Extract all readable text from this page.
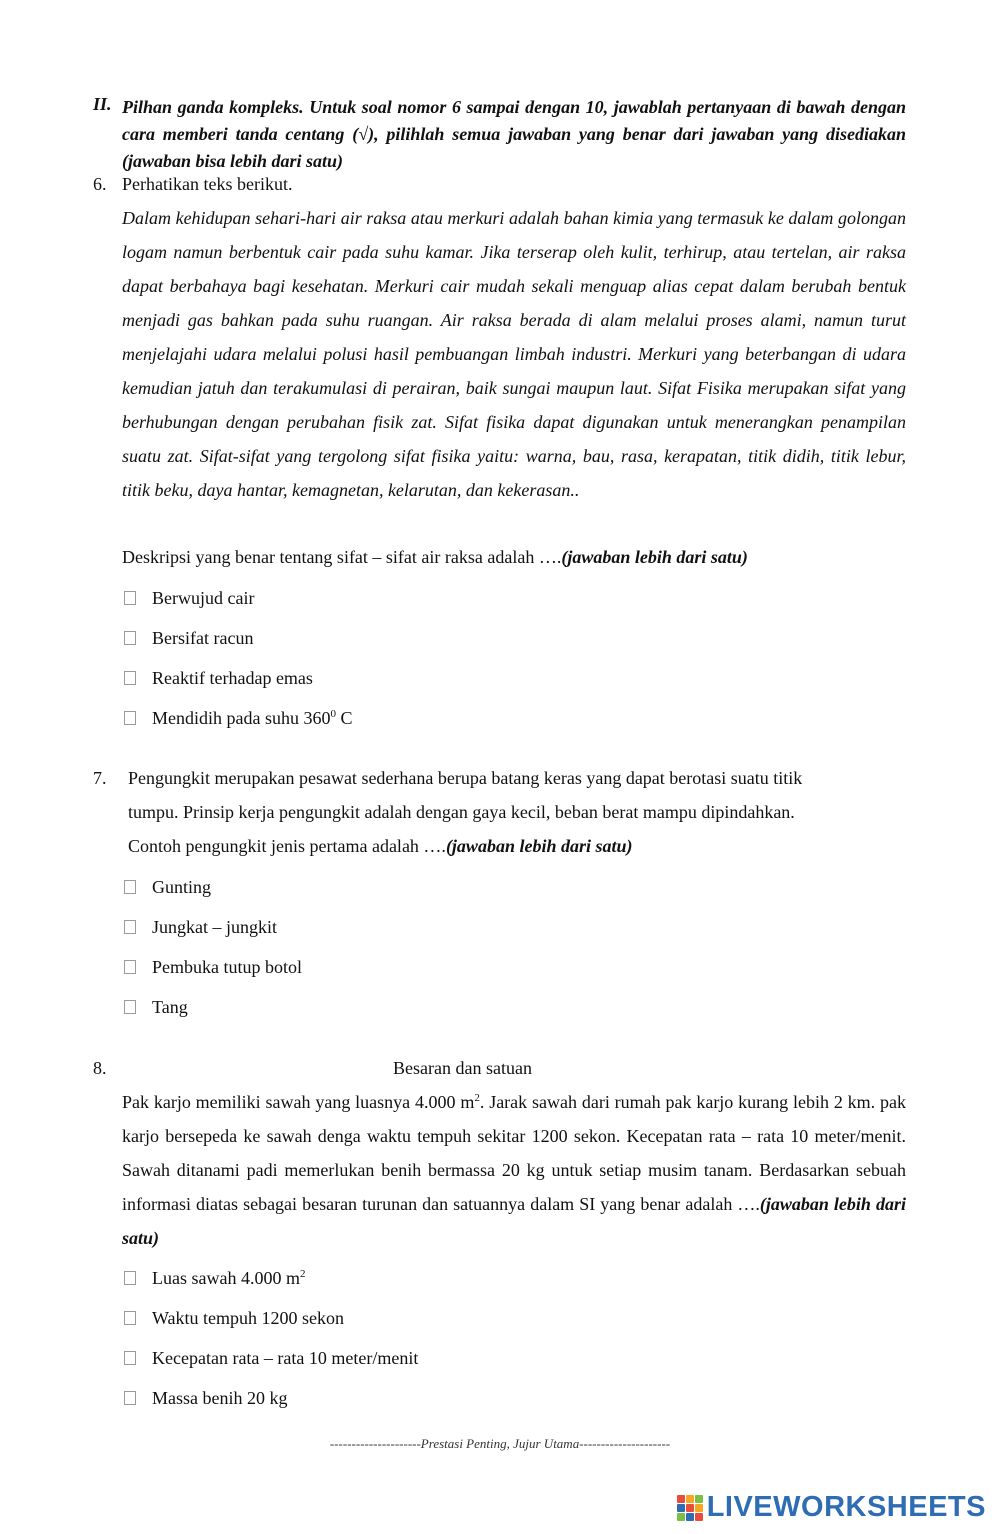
II. Pilhan ganda kompleks. Untuk soal nomor 6 sampai dengan 10, jawablah pertanyaan di bawah dengan cara memberi tanda centang (√), pilihlah semua jawaban yang benar dari jawaban yang disediakan (jawaban bisa lebih dari satu)
6. Perhatikan teks berikut.
Dalam kehidupan sehari-hari air raksa atau merkuri adalah bahan kimia yang termasuk ke dalam golongan logam namun berbentuk cair pada suhu kamar. Jika terserap oleh kulit, terhirup, atau tertelan, air raksa dapat berbahaya bagi kesehatan. Merkuri cair mudah sekali menguap alias cepat dalam berubah bentuk menjadi gas bahkan pada suhu ruangan. Air raksa berada di alam melalui proses alami, namun turut menjelajahi udara melalui polusi hasil pembuangan limbah industri. Merkuri yang beterbangan di udara kemudian jatuh dan terakumulasi di perairan, baik sungai maupun laut. Sifat Fisika merupakan sifat yang berhubungan dengan perubahan fisik zat. Sifat fisika dapat digunakan untuk menerangkan penampilan suatu zat. Sifat-sifat yang tergolong sifat fisika yaitu: warna, bau, rasa, kerapatan, titik didih, titik lebur, titik beku, daya hantar, kemagnetan, kelarutan, dan kekerasan..
Deskripsi yang benar tentang sifat – sifat air raksa adalah ….(jawaban lebih dari satu)
Berwujud cair
Bersifat racun
Reaktif terhadap emas
Mendidih pada suhu $360^0$ C
7. Pengungkit merupakan pesawat sederhana berupa batang keras yang dapat berotasi suatu titik
tumpu. Prinsip kerja pengungkit adalah dengan gaya kecil, beban berat mampu dipindahkan.
Contoh pengungkit jenis pertama adalah ….(jawaban lebih dari satu)
Gunting
Jungkat – jungkit
Pembuka tutup botol
Tang
8.	Besaran dan satuan
Pak karjo memiliki sawah yang luasnya 4.000 $m^2$. Jarak sawah dari rumah pak karjo kurang lebih 2 km. pak karjo bersepeda ke sawah denga waktu tempuh sekitar 1200 sekon. Kecepatan rata – rata 10 meter/menit. Sawah ditanami padi memerlukan benih bermassa 20 kg untuk setiap musim tanam. Berdasarkan sebuah informasi diatas sebagai besaran turunan dan satuannya dalam SI yang benar adalah ….(jawaban lebih dari satu)
Luas sawah 4.000 $m^2$
Waktu tempuh 1200 sekon
Kecepatan rata – rata 10 meter/menit
Massa benih 20 kg
---------------------Prestasi Penting, Jujur Utama---------------------
LIVEWORKSHEETS
